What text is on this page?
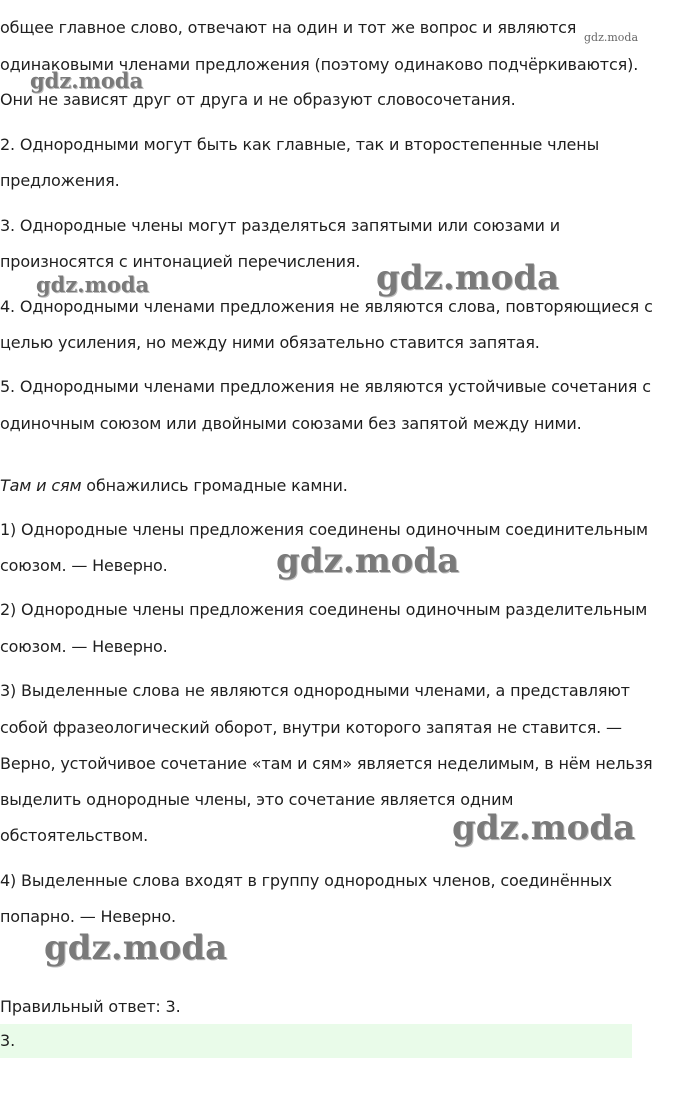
общее главное слово, отвечают на один и тот же вопрос и являются
одинаковыми членами предложения (поэтому одинаково подчёркиваются).
Они не зависят друг от друга и не образуют словосочетания.
2. Однородными могут быть как главные, так и второстепенные члены
предложения.
3. Однородные члены могут разделяться запятыми или союзами и
произносятся с интонацией перечисления.
4. Однородными членами предложения не являются слова, повторяющиеся с
целью усиления, но между ними обязательно ставится запятая.
5. Однородными членами предложения не являются устойчивые сочетания с
одиночным союзом или двойными союзами без запятой между ними.
Там и сям обнажились громадные камни.
1) Однородные члены предложения соединены одиночным соединительным
союзом. — Неверно.
2) Однородные члены предложения соединены одиночным разделительным
союзом. — Неверно.
3) Выделенные слова не являются однородными членами, а представляют
собой фразеологический оборот, внутри которого запятая не ставится. —
Верно, устойчивое сочетание «там и сям» является неделимым, в нём нельзя
выделить однородные члены, это сочетание является одним
обстоятельством.
4) Выделенные слова входят в группу однородных членов, соединённых
попарно. — Неверно.
Правильный ответ: 3.
3.
gdz.moda
gdz.moda
gdz.moda	gdz.moda
gdz.moda
gdz.moda
gdz.moda
